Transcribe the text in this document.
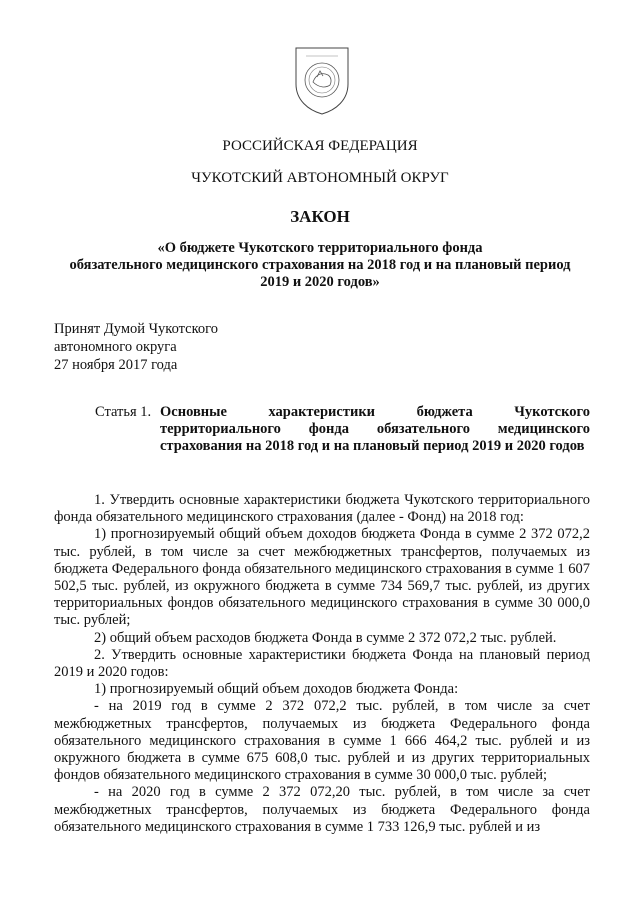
РОССИЙСКАЯ ФЕДЕРАЦИЯ
ЧУКОТСКИЙ АВТОНОМНЫЙ ОКРУГ
ЗАКОН
«О бюджете Чукотского территориального фонда
обязательного медицинского страхования на 2018 год и на плановый период
2019 и 2020 годов»
Принят Думой Чукотского
автономного округа
27 ноября 2017 года
Статья 1. Основные характеристики бюджета Чукотского территориального фонда обязательного медицинского страхования на 2018 год и на плановый период 2019 и 2020 годов

1. Утвердить основные характеристики бюджета Чукотского территориального фонда обязательного медицинского страхования (далее - Фонд) на 2018 год:

1) прогнозируемый общий объем доходов бюджета Фонда в сумме 2 372 072,2 тыс. рублей, в том числе за счет межбюджетных трансфертов, получаемых из бюджета Федерального фонда обязательного медицинского страхования в сумме 1 607 502,5 тыс. рублей, из окружного бюджета в сумме 734 569,7 тыс. рублей, из других территориальных фондов обязательного медицинского страхования в сумме 30 000,0 тыс. рублей;

2) общий объем расходов бюджета Фонда в сумме 2 372 072,2 тыс. рублей.

2. Утвердить основные характеристики бюджета Фонда на плановый период 2019 и 2020 годов:

1) прогнозируемый общий объем доходов бюджета Фонда:

- на 2019 год в сумме 2 372 072,2 тыс. рублей, в том числе за счет межбюджетных трансфертов, получаемых из бюджета Федерального фонда обязательного медицинского страхования в сумме 1 666 464,2 тыс. рублей и из окружного бюджета в сумме 675 608,0 тыс. рублей и из других территориальных фондов обязательного медицинского страхования в сумме 30 000,0 тыс. рублей;

- на 2020 год в сумме 2 372 072,20 тыс. рублей, в том числе за счет межбюджетных трансфертов, получаемых из бюджета Федерального фонда обязательного медицинского страхования в сумме 1 733 126,9 тыс. рублей и из
